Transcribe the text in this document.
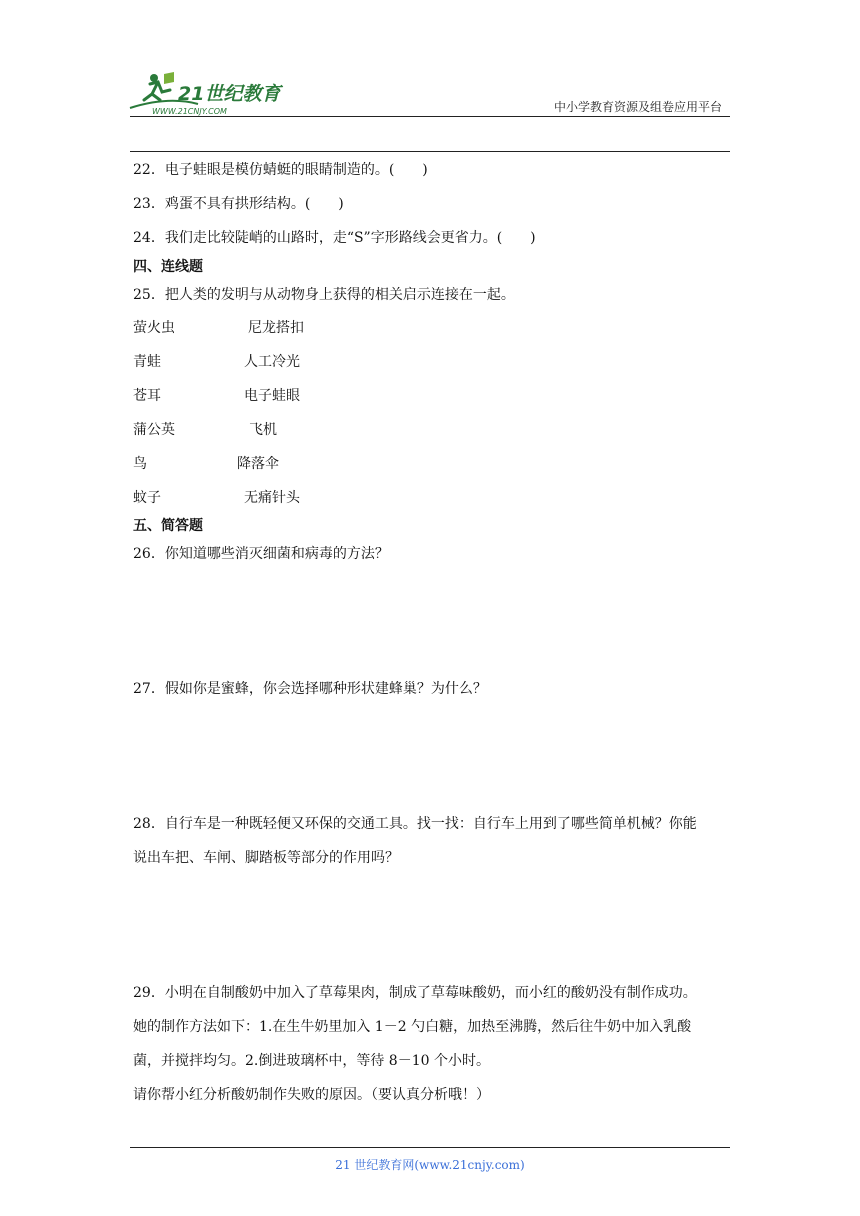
21世纪教育
WWW.21CNJY.COM	中小学教育资源及组卷应用平台
22．电子蛙眼是模仿蜻蜓的眼睛制造的。(　　)
23．鸡蛋不具有拱形结构。(　　)
24．我们走比较陡峭的山路时，走“S”字形路线会更省力。(　　)
四、连线题
25．把人类的发明与从动物身上获得的相关启示连接在一起。
萤火虫	尼龙搭扣
青蛙	人工冷光
苍耳	电子蛙眼
蒲公英	飞机
鸟	降落伞
蚊子	无痛针头
五、简答题
26．你知道哪些消灭细菌和病毒的方法？
27．假如你是蜜蜂，你会选择哪种形状建蜂巢？为什么？
28．自行车是一种既轻便又环保的交通工具。找一找：自行车上用到了哪些简单机械？你能
说出车把、车闸、脚踏板等部分的作用吗？
29．小明在自制酸奶中加入了草莓果肉，制成了草莓味酸奶，而小红的酸奶没有制作成功。
她的制作方法如下：1.在生牛奶里加入 1－2 勺白糖，加热至沸腾，然后往牛奶中加入乳酸
菌，并搅拌均匀。2.倒进玻璃杯中，等待 8－10 个小时。
请你帮小红分析酸奶制作失败的原因。（要认真分析哦！）
21 世纪教育网(www.21cnjy.com)
